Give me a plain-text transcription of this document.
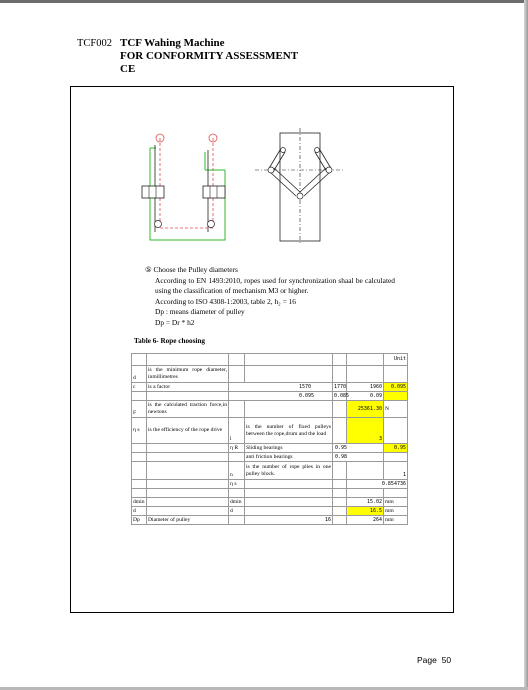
TCF002 TCF Wahing Machine
FOR CONFORMITY ASSESSMENT
CE
⑤ Choose the Pulley diameters
According to EN 1493:2010, ropes used for synchronization shaal be calculated using the classification of mechanism M3 or higher.
According to ISO 4308-1:2003, table 2, h₂ = 16
Dp : means diameter of pulley
Dp = Dr * h2
Table 6- Rope choosing
						Unit
d	is the minimum rope diameter, inmillimetres					
c	is a factor	1570		1770	1960	0.095
		0.095		0.085	0.09	
F	is the calculated traction force,in newtons				25361.30	N
η s	is the efficiency of the rope drive	l	is the number of fixed pulleys between the rope,drum and the load		3	
		η R	Sliding bearings	0.95		0.95
			anti friction bearings	0.98		
		n	is the number of rope plies in one pulley block.			1
		η s			0.854736	

dmin		dmin			15.02	mm
d		d			16.5	mm
Dp	Diameter of pulley		16		264	mm
Page 50
